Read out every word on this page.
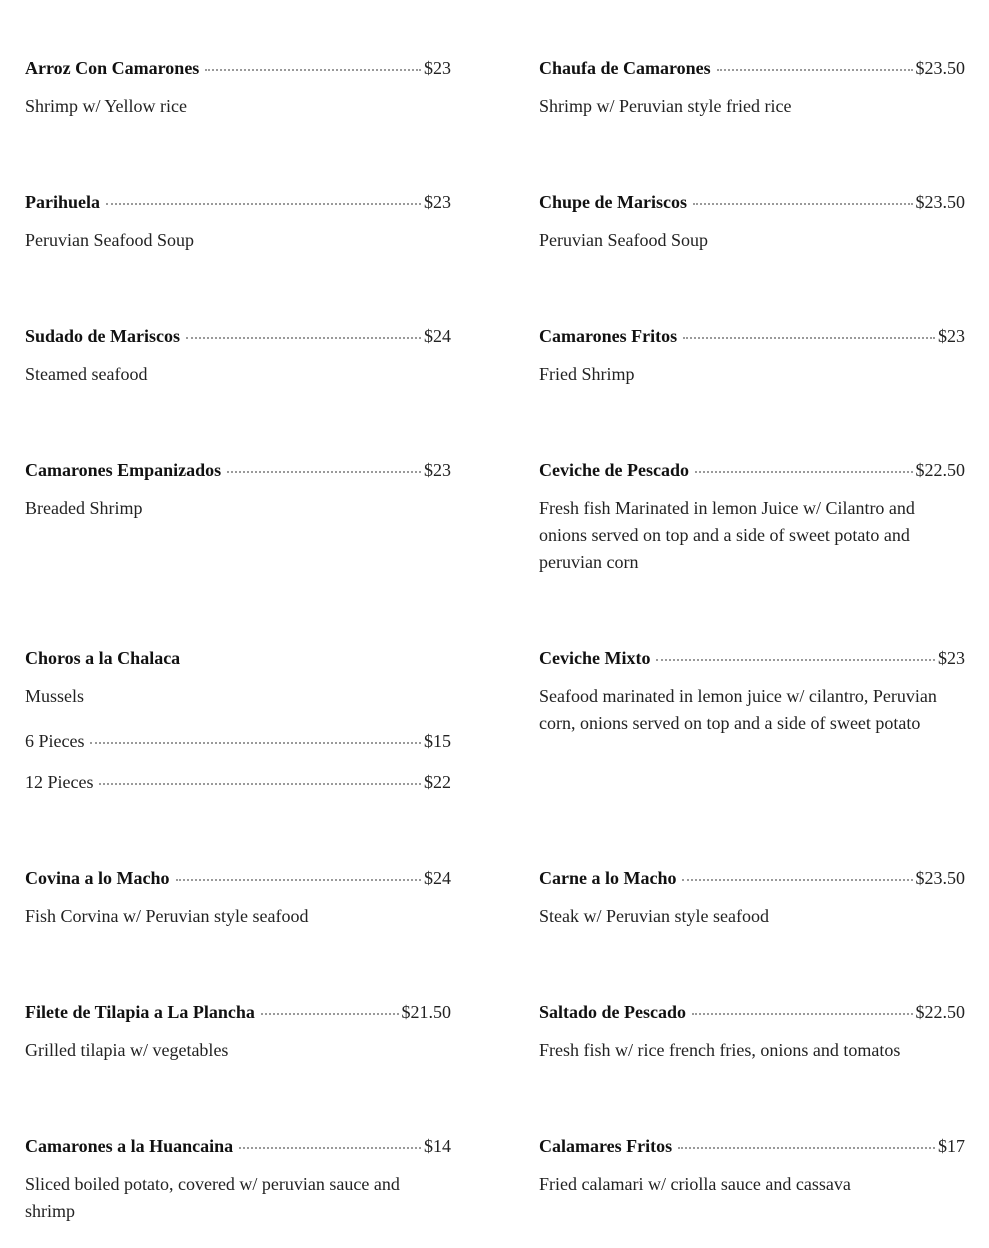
Arroz Con Camarones	$23
Shrimp w/ Yellow rice
Parihuela	$23
Peruvian Seafood Soup
Sudado de Mariscos	$24
Steamed seafood
Camarones Empanizados	$23
Breaded Shrimp
Choros a la Chalaca
Mussels
6 Pieces	$15
12 Pieces	$22
Covina a lo Macho	$24
Fish Corvina w/ Peruvian style seafood
Filete de Tilapia a La Plancha	$21.50
Grilled tilapia w/ vegetables
Camarones a la Huancaina	$14
Sliced boiled potato, covered w/ peruvian sauce and shrimp
Chaufa de Camarones	$23.50
Shrimp w/ Peruvian style fried rice
Chupe de Mariscos	$23.50
Peruvian Seafood Soup
Camarones Fritos	$23
Fried Shrimp
Ceviche de Pescado	$22.50
Fresh fish Marinated in lemon Juice w/ Cilantro and onions served on top and a side of sweet potato and peruvian corn
Ceviche Mixto	$23
Seafood marinated in lemon juice w/ cilantro, Peruvian corn, onions served on top and a side of sweet potato
Carne a lo Macho	$23.50
Steak w/ Peruvian style seafood
Saltado de Pescado	$22.50
Fresh fish w/ rice french fries, onions and tomatos
Calamares Fritos	$17
Fried calamari w/ criolla sauce and cassava
